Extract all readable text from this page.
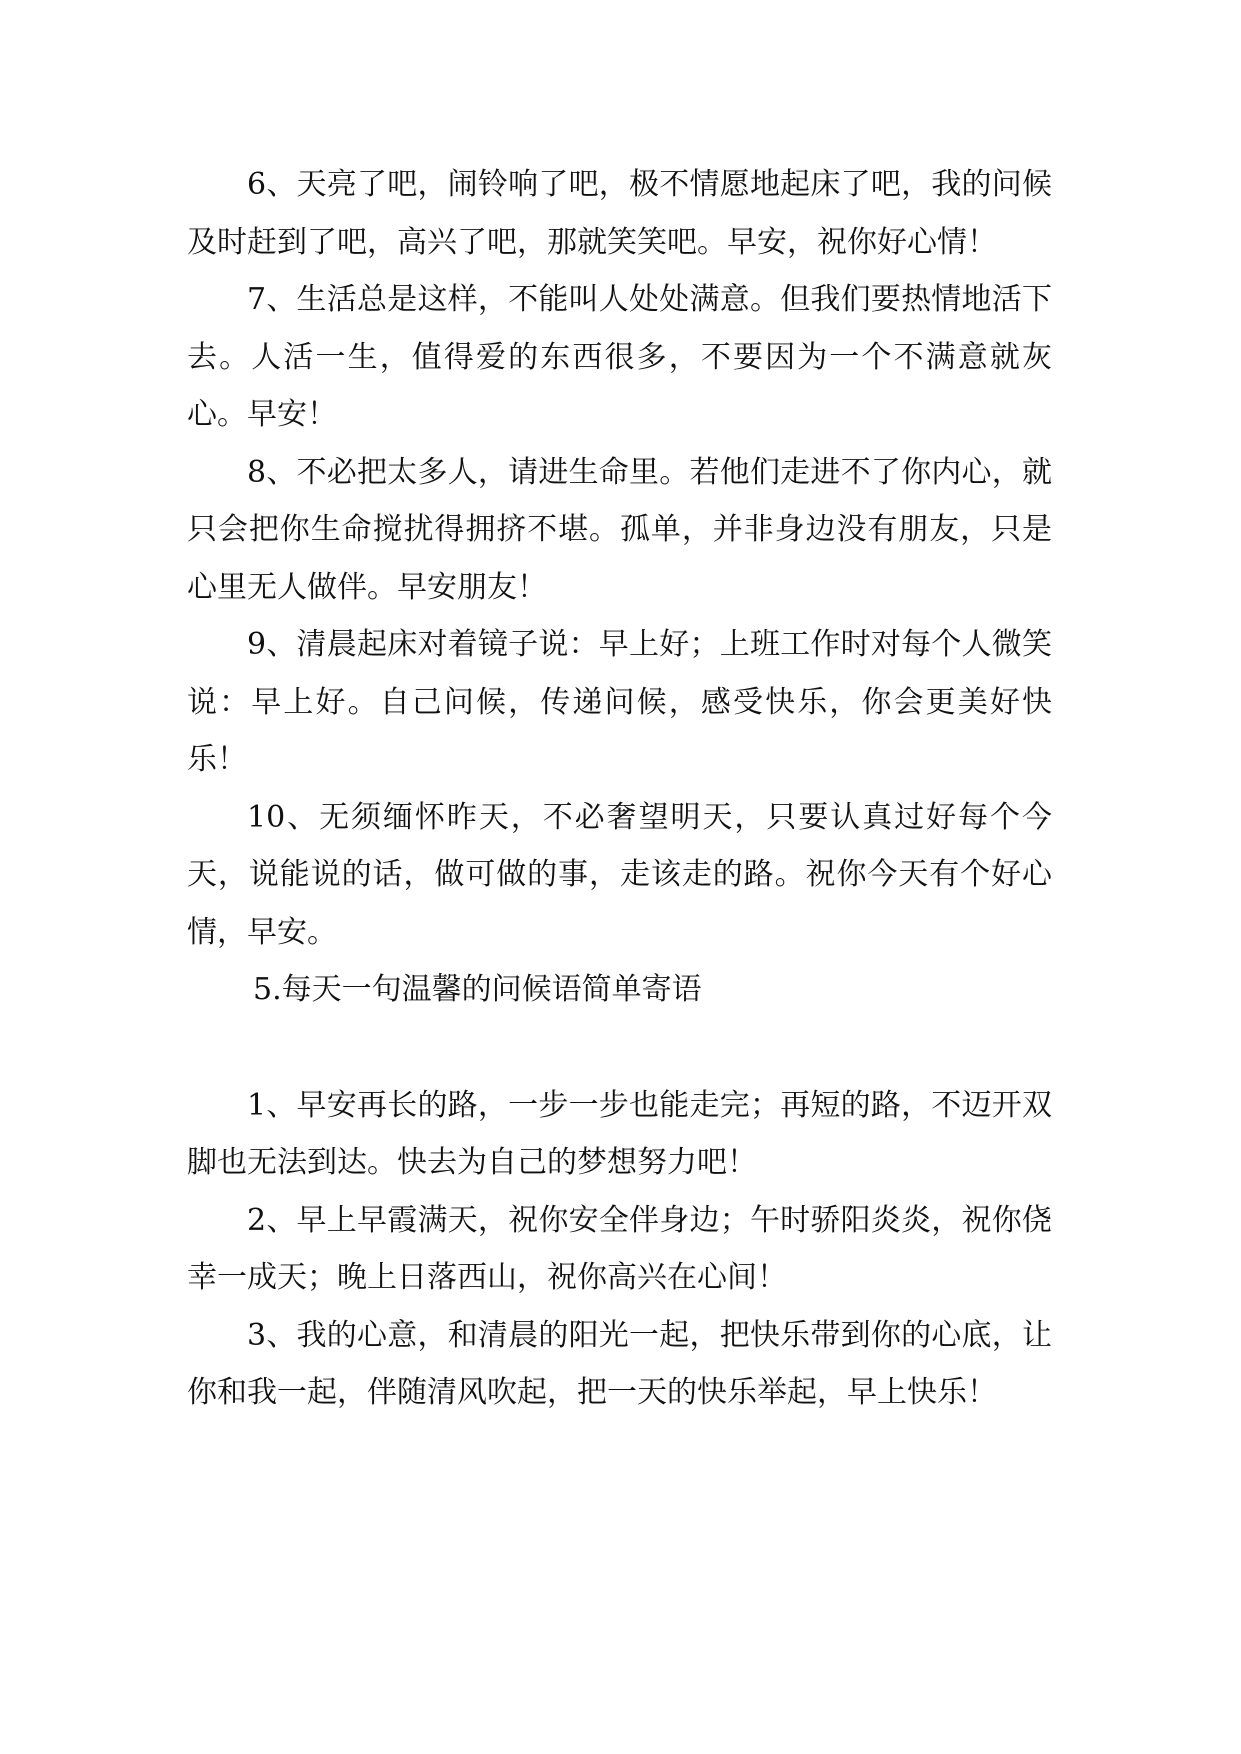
6、天亮了吧，闹铃响了吧，极不情愿地起床了吧，我的问候及时赶到了吧，高兴了吧，那就笑笑吧。早安，祝你好心情！

7、生活总是这样，不能叫人处处满意。但我们要热情地活下去。人活一生，值得爱的东西很多，不要因为一个不满意就灰心。早安！

8、不必把太多人，请进生命里。若他们走进不了你内心，就只会把你生命搅扰得拥挤不堪。孤单，并非身边没有朋友，只是心里无人做伴。早安朋友！

9、清晨起床对着镜子说：早上好；上班工作时对每个人微笑说：早上好。自己问候，传递问候，感受快乐，你会更美好快乐！

10、无须缅怀昨天，不必奢望明天，只要认真过好每个今天，说能说的话，做可做的事，走该走的路。祝你今天有个好心情，早安。

5.每天一句温馨的问候语简单寄语

1、早安再长的路，一步一步也能走完；再短的路，不迈开双脚也无法到达。快去为自己的梦想努力吧！

2、早上早霞满天，祝你安全伴身边；午时骄阳炎炎，祝你侥幸一成天；晚上日落西山，祝你高兴在心间！

3、我的心意，和清晨的阳光一起，把快乐带到你的心底，让你和我一起，伴随清风吹起，把一天的快乐举起，早上快乐！
